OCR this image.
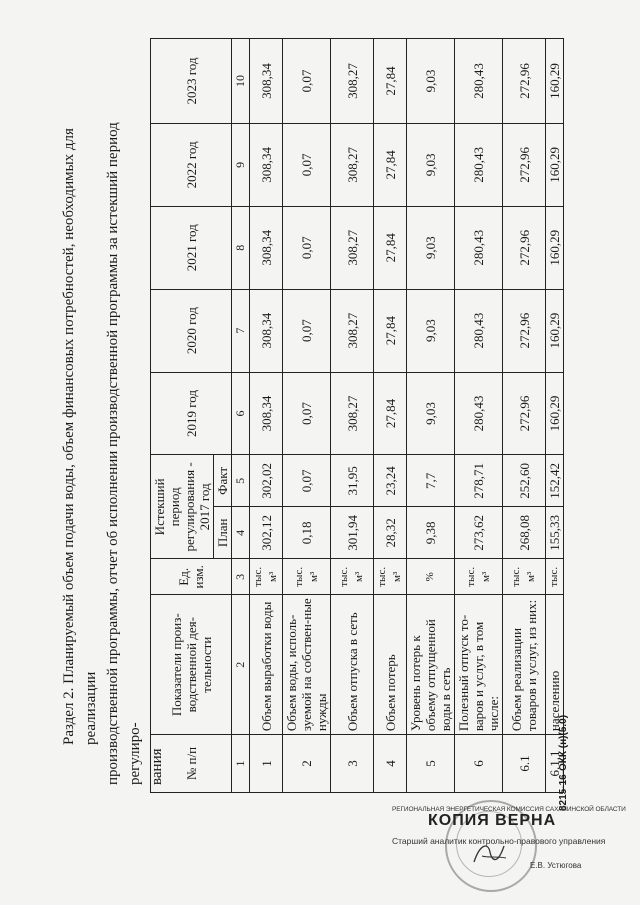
Раздел 2. Планируемый объем подачи воды, объем финансовых потребностей, необходимых для реализации производственной программы, отчет об исполнении производственной программы за истекший период регулиро- вания № п/п	Показатели произ-водственной дея-тельности	Ед. изм.	Истекший период регулирования - 2017 год		2019 год	2020 год	2021 год	2022 год	2023 год
			План	Факт					
1	2	3	4	5	6	7	8	9	10
1	Объем выработки воды	тыс. м³	302,12	302,02	308,34	308,34	308,34	308,34	308,34
2	Объем воды, исполь-зуемой на собствен-ные нужды	тыс. м³	0,18	0,07	0,07	0,07	0,07	0,07	0,07
3	Объем отпуска в сеть	тыс. м³	301,94	31,95	308,27	308,27	308,27	308,27	308,27
4	Объем потерь	тыс. м³	28,32	23,24	27,84	27,84	27,84	27,84	27,84
5	Уровень потерь к объему отпущенной воды в сеть	%	9,38	7,7	9,03	9,03	9,03	9,03	9,03
6	Полезный отпуск то-варов и услуг, в том числе:	тыс. м³	273,62	278,71	280,43	280,43	280,43	280,43	280,43
6.1	Объем реализации товаров и услуг, из них:	тыс. м³	268,08	252,60	272,96	272,96	272,96	272,96	272,96
6.1.1	населению	тыс.	155,33	152,42	160,29	160,29	160,29	160,29	160,29
8215-16-ОКК (н)(5.0)
РЕГИОНАЛЬНАЯ ЭНЕРГЕТИЧЕСКАЯ КОМИССИЯ САХАЛИНСКОЙ ОБЛАСТИ
КОПИЯ ВЕРНА
Старший аналитик контрольно-правового управления
Е.В. Устюгова
